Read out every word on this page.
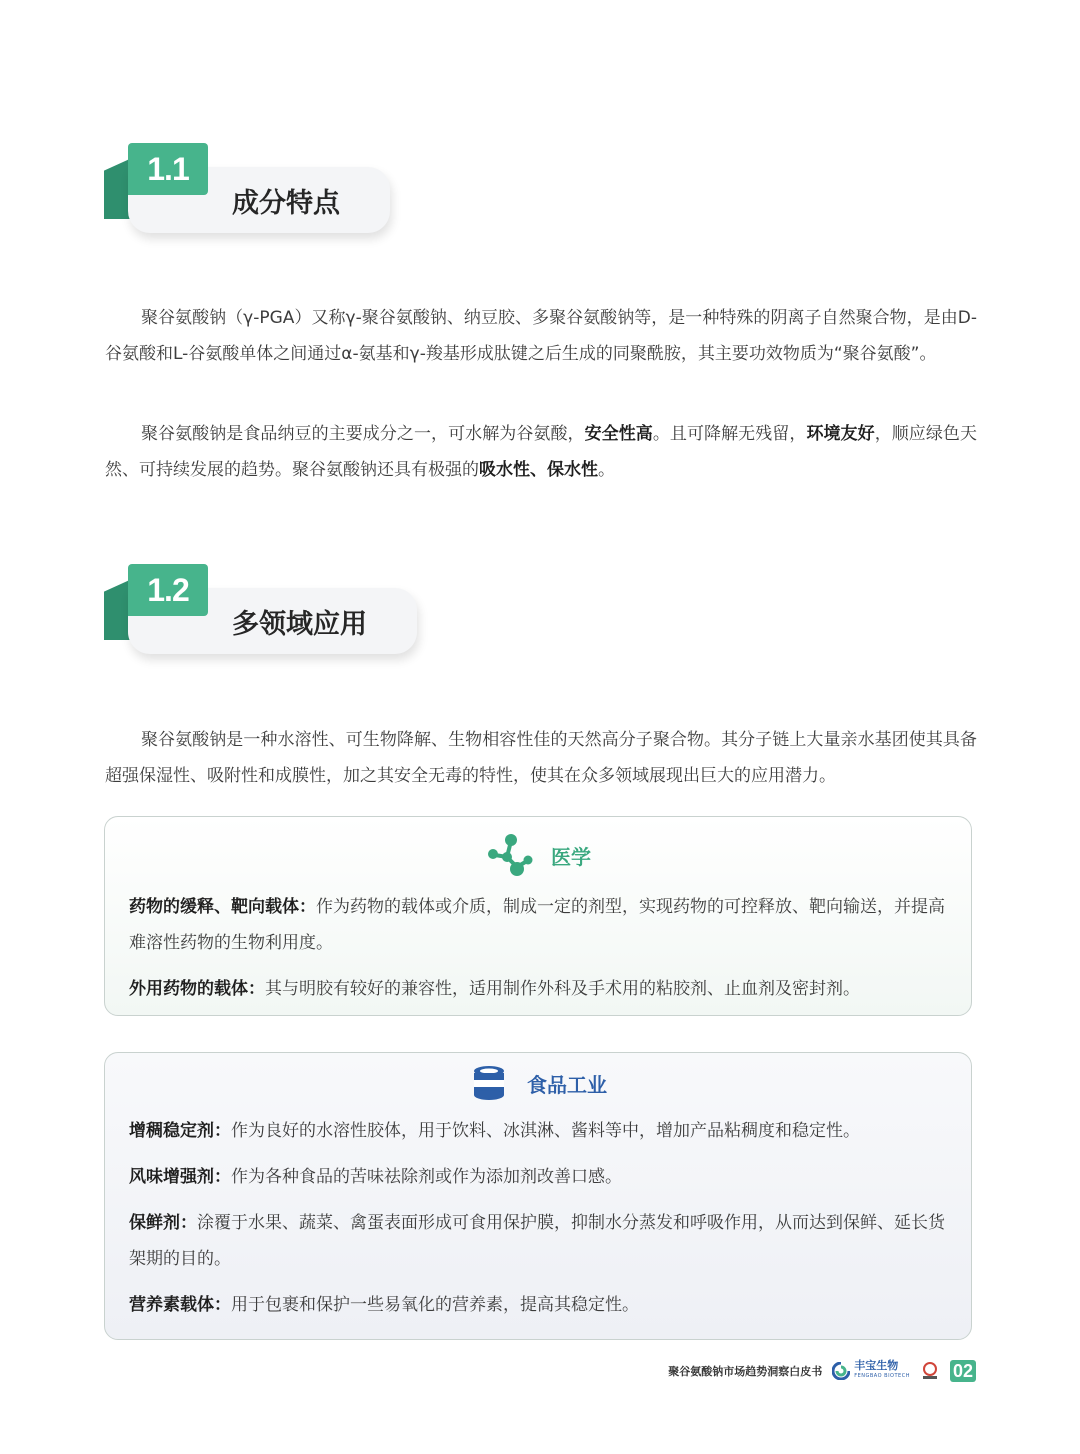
1.1
成分特点

聚谷氨酸钠（γ-PGA）又称γ-聚谷氨酸钠、纳豆胶、多聚谷氨酸钠等，是一种特殊的阴离子自然聚合物，是由D-谷氨酸和L-谷氨酸单体之间通过α-氨基和γ-羧基形成肽键之后生成的同聚酰胺，其主要功效物质为“聚谷氨酸”。

聚谷氨酸钠是食品纳豆的主要成分之一，可水解为谷氨酸，安全性高。且可降解无残留，环境友好，顺应绿色天然、可持续发展的趋势。聚谷氨酸钠还具有极强的吸水性、保水性。

1.2
多领域应用

聚谷氨酸钠是一种水溶性、可生物降解、生物相容性佳的天然高分子聚合物。其分子链上大量亲水基团使其具备超强保湿性、吸附性和成膜性，加之其安全无毒的特性，使其在众多领域展现出巨大的应用潜力。

医学

药物的缓释、靶向载体：作为药物的载体或介质，制成一定的剂型，实现药物的可控释放、靶向输送，并提高难溶性药物的生物利用度。

外用药物的载体：其与明胶有较好的兼容性，适用制作外科及手术用的粘胶剂、止血剂及密封剂。

食品工业

增稠稳定剂：作为良好的水溶性胶体，用于饮料、冰淇淋、酱料等中，增加产品粘稠度和稳定性。

风味增强剂：作为各种食品的苦味祛除剂或作为添加剂改善口感。

保鲜剂：涂覆于水果、蔬菜、禽蛋表面形成可食用保护膜，抑制水分蒸发和呼吸作用，从而达到保鲜、延长货架期的目的。

营养素载体：用于包裹和保护一些易氧化的营养素，提高其稳定性。

聚谷氨酸钠市场趋势洞察白皮书	丰宝生物
FENGBAO BIOTECH 02
